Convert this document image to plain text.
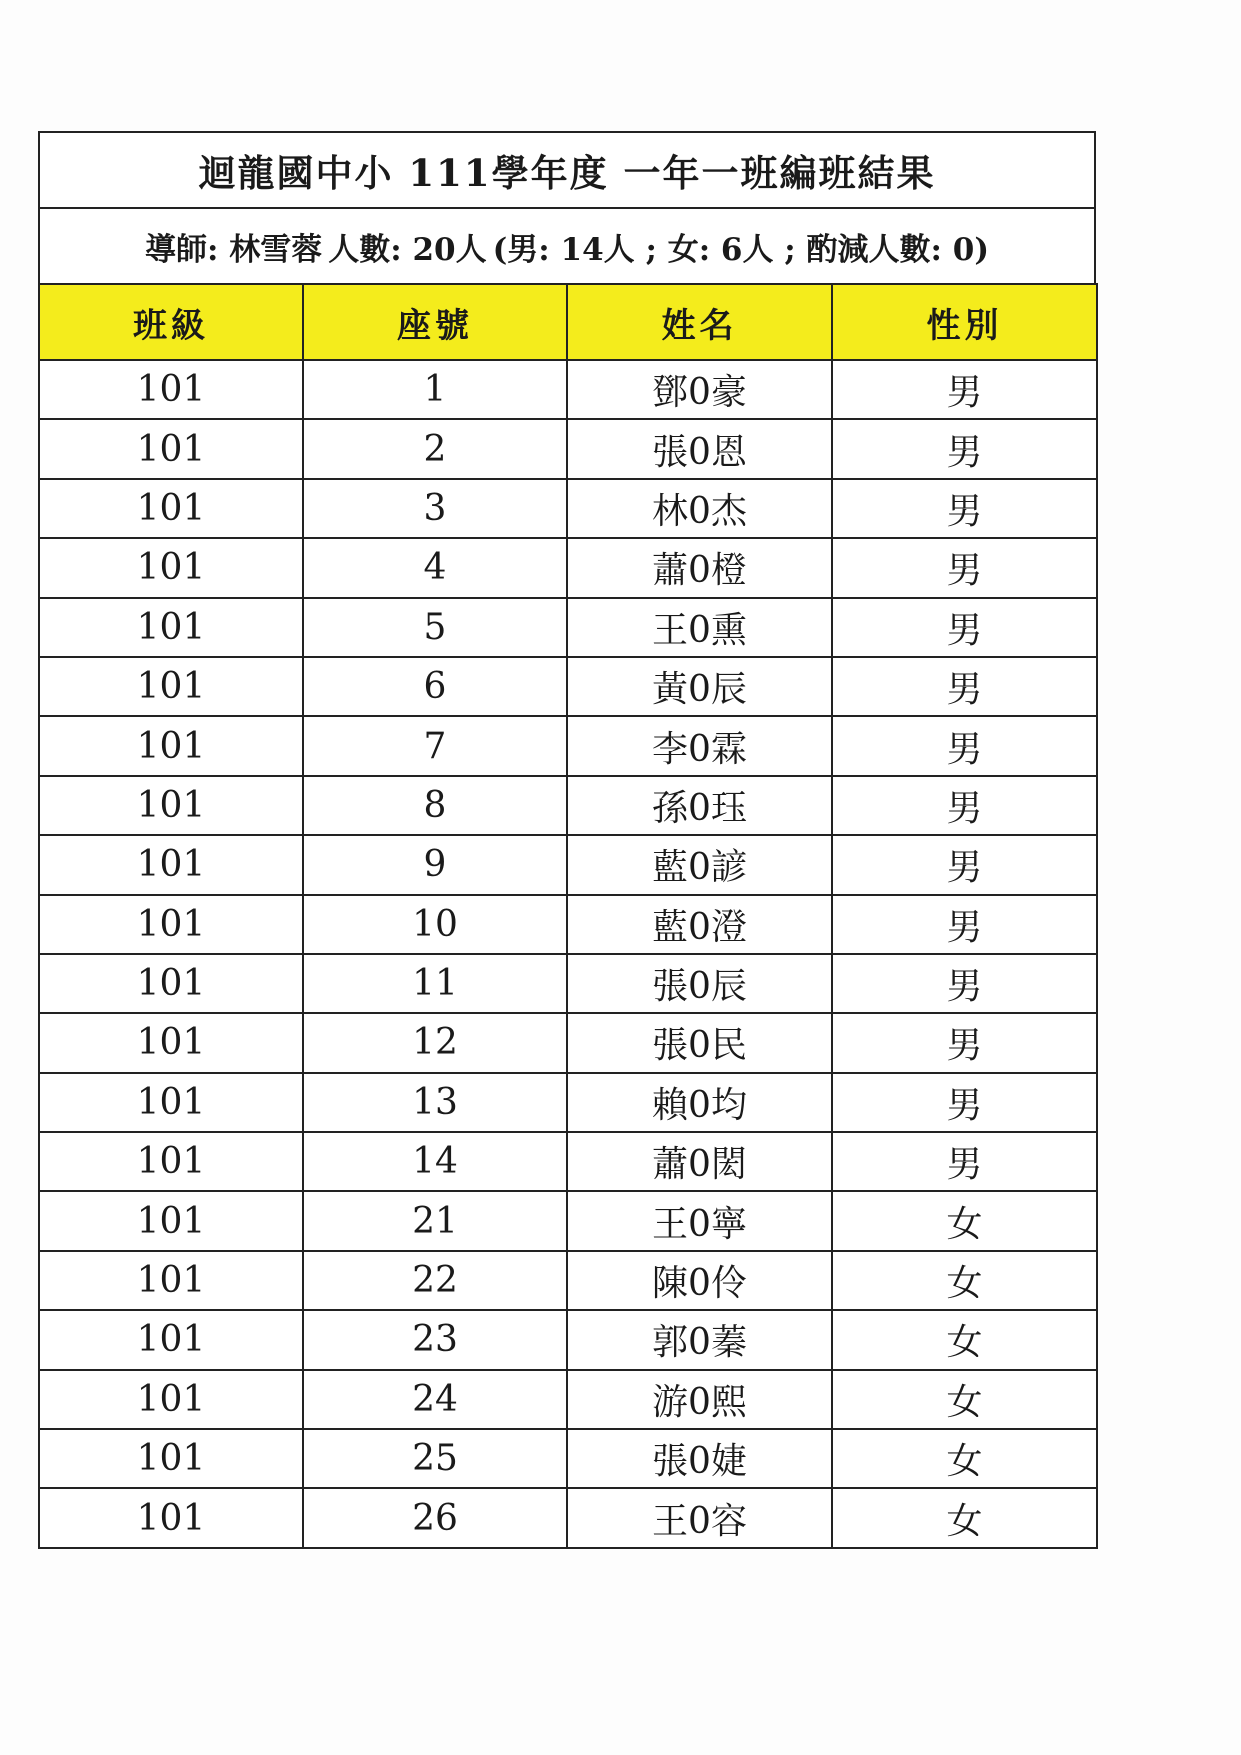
迴龍國中小 111學年度 一年一班編班結果
導師: 林雪蓉 人數: 20人 (男: 14人 ; 女: 6人 ; 酌減人數: 0)
班級	座號	姓名	性別
101	1	鄧0豪	男
101	2	張0恩	男
101	3	林0杰	男
101	4	蕭0橙	男
101	5	王0熏	男
101	6	黃0辰	男
101	7	李0霖	男
101	8	孫0珏	男
101	9	藍0諺	男
101	10	藍0澄	男
101	11	張0辰	男
101	12	張0民	男
101	13	賴0均	男
101	14	蕭0閎	男
101	21	王0寧	女
101	22	陳0伶	女
101	23	郭0蓁	女
101	24	游0熙	女
101	25	張0婕	女
101	26	王0容	女
